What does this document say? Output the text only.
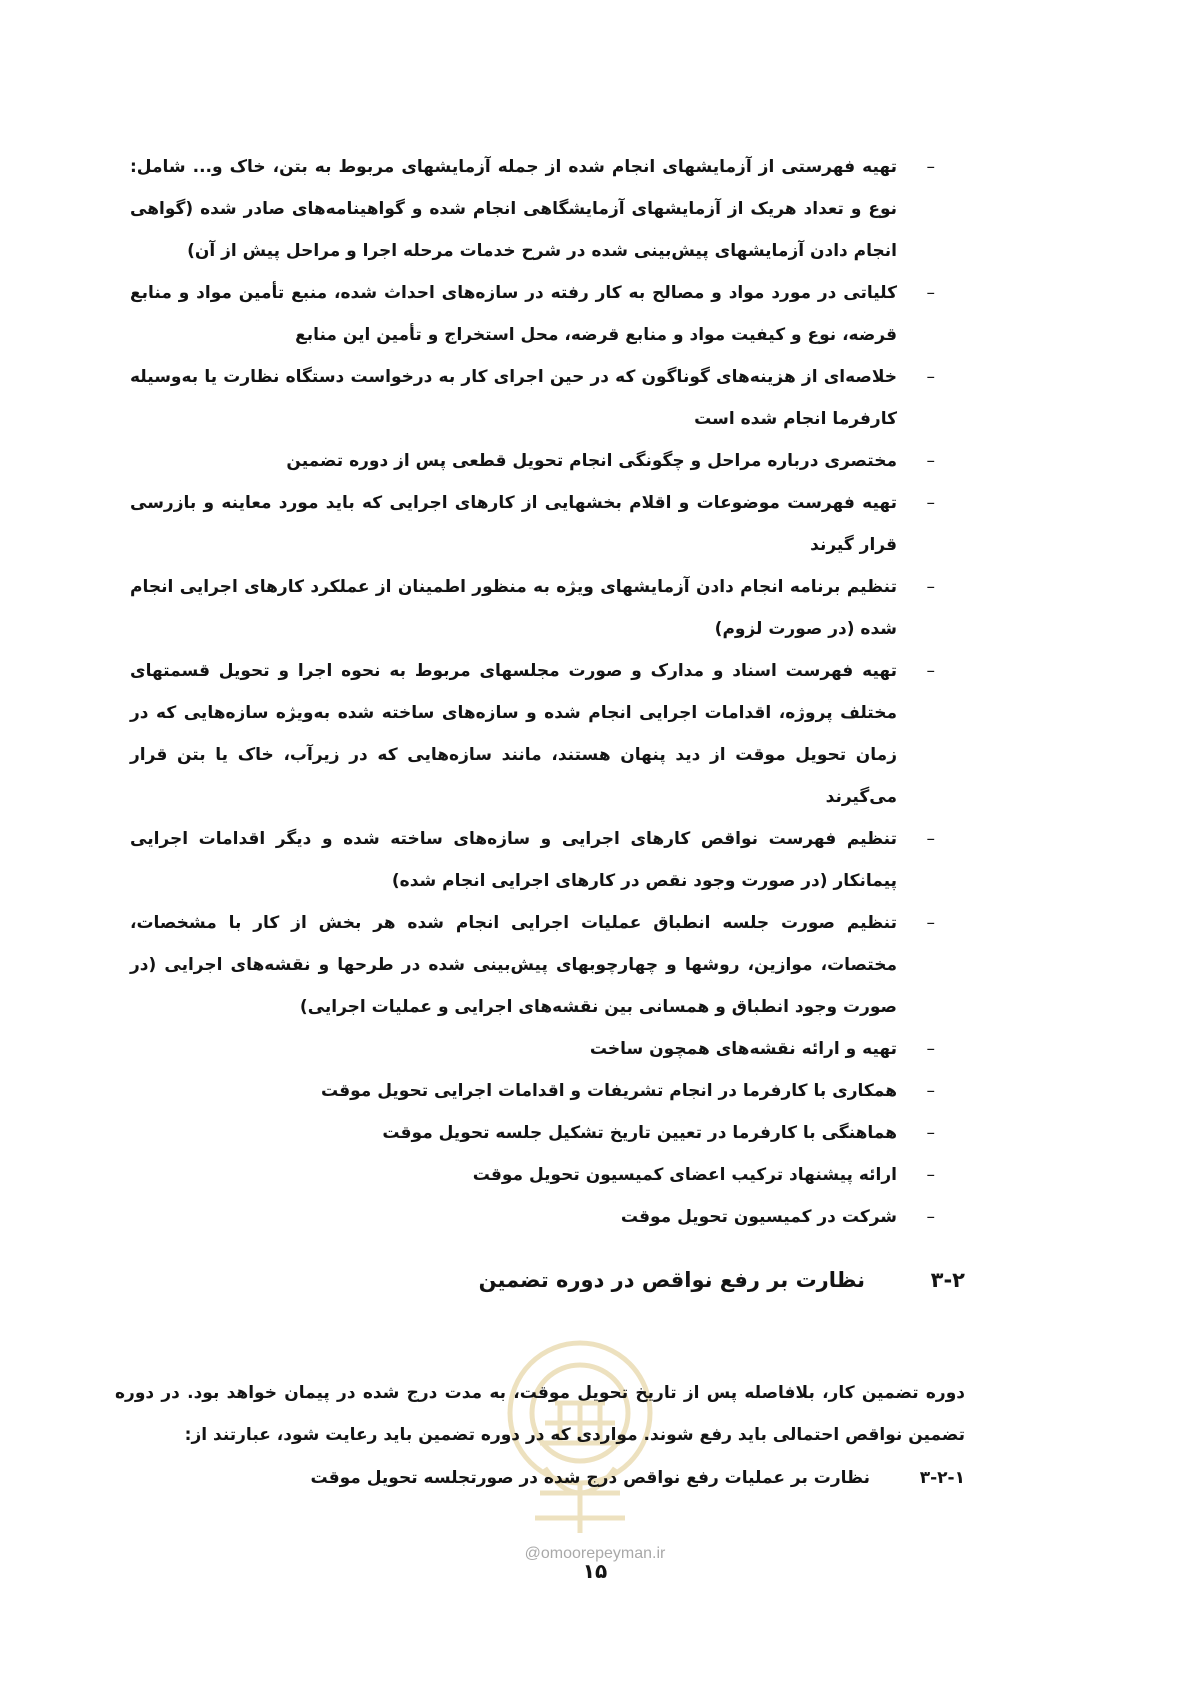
–
تهیه فهرستی از آزمایشهای انجام شده از جمله آزمایشهای مربوط به بتن، خاک و... شامل: نوع و تعداد هریک از آزمایشهای آزمایشگاهی انجام شده و گواهینامه‌های صادر شده (گواهی انجام دادن آزمایشهای پیش‌بینی شده در شرح خدمات مرحله اجرا و مراحل پیش از آن)
–
کلیاتی در مورد مواد و مصالح به کار رفته در سازه‌های احداث شده، منبع تأمین مواد و منابع قرضه، نوع و کیفیت مواد و منابع قرضه، محل استخراج و تأمین این منابع
–
خلاصه‌ای از هزینه‌های گوناگون که در حین اجرای کار به درخواست دستگاه نظارت یا به‌وسیله کارفرما انجام شده است
–
مختصری درباره مراحل و چگونگی انجام تحویل قطعی پس از دوره تضمین
–
تهیه فهرست موضوعات و اقلام بخشهایی از کارهای اجرایی که باید مورد معاینه و بازرسی قرار گیرند
–
تنظیم برنامه انجام دادن آزمایشهای ویژه به منظور اطمینان از عملکرد کارهای اجرایی انجام شده (در صورت لزوم)
–
تهیه فهرست اسناد و مدارک و صورت مجلسهای مربوط به نحوه اجرا و تحویل قسمتهای مختلف پروژه، اقدامات اجرایی انجام شده و سازه‌های ساخته شده به‌ویژه سازه‌هایی که در زمان تحویل موقت از دید پنهان هستند، مانند سازه‌هایی که در زیرآب، خاک یا بتن قرار می‌گیرند
–
تنظیم فهرست نواقص کارهای اجرایی و سازه‌های ساخته شده و دیگر اقدامات اجرایی پیمانکار (در صورت وجود نقص در کارهای اجرایی انجام شده)
–
تنظیم صورت جلسه انطباق عملیات اجرایی انجام شده هر بخش از کار با مشخصات، مختصات، موازین، روشها و چهارچوبهای پیش‌بینی شده در طرحها و نقشه‌های اجرایی (در صورت وجود انطباق و همسانی بین نقشه‌های اجرایی و عملیات اجرایی)
–
تهیه و ارائه نقشه‌های همچون ساخت
–
همکاری با کارفرما در انجام تشریفات و اقدامات اجرایی تحویل موقت
–
هماهنگی با کارفرما در تعیین تاریخ تشکیل جلسه تحویل موقت
–
ارائه پیشنهاد ترکیب اعضای کمیسیون تحویل موقت
–
شرکت در کمیسیون تحویل موقت
۳-۲
نظارت بر رفع نواقص در دوره تضمین

دوره تضمین کار، بلافاصله پس از تاریخ تحویل موقت، به مدت درج شده در پیمان خواهد بود. در دوره تضمین نواقص احتمالی باید رفع شوند. مواردی که در دوره تضمین باید رعایت شود، عبارتند از:

۳-۲-۱
نظارت بر عملیات رفع نواقص درج شده در صورتجلسه تحویل موقت
@omoorepeyman.ir
۱۵
